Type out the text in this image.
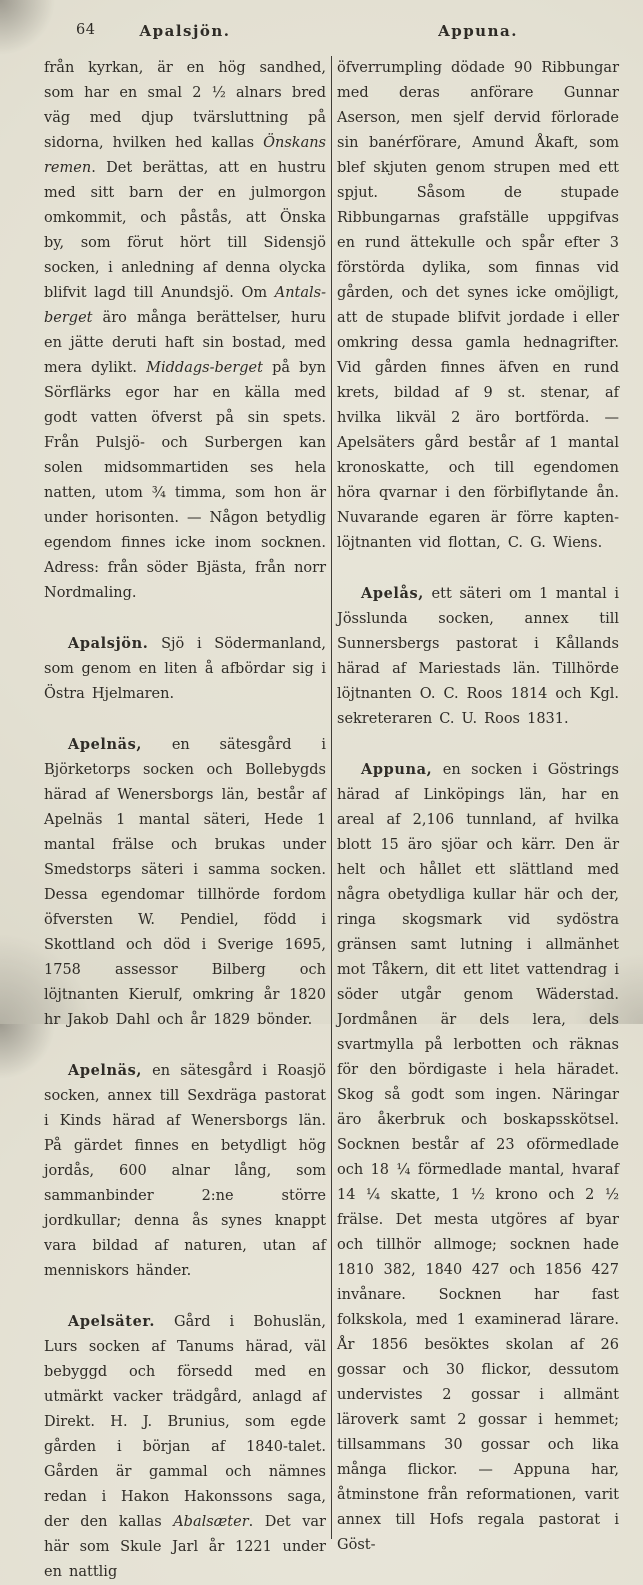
64	Apalsjön.	Appuna.

från kyrkan, är en hög sandhed, som har en smal 2 ½ alnars bred väg med djup tvärsluttning på sidorna, hvilken hed kallas Önskans remen. Det berättas, att en hustru med sitt barn der en julmorgon omkommit, och påstås, att Önska by, som förut hört till Sidensjö socken, i anledning af denna olycka blifvit lagd till Anundsjö. Om Antals-berget äro många berättelser, huru en jätte deruti haft sin bostad, med mera dylikt. Middags-berget på byn Sörflärks egor har en källa med godt vatten öfverst på sin spets. Från Pulsjö- och Surbergen kan solen midsommartiden ses hela natten, utom ¾ timma, som hon är under horisonten. — Någon betydlig egendom finnes icke inom socknen. Adress: från söder Bjästa, från norr Nordmaling.

Apalsjön. Sjö i Södermanland, som genom en liten å afbördar sig i Östra Hjelmaren.

Apelnäs, en sätesgård i Björketorps socken och Bollebygds härad af Wenersborgs län, består af Apelnäs 1 mantal säteri, Hede 1 mantal frälse och brukas under Smedstorps säteri i samma socken. Dessa egendomar tillhörde fordom öfversten W. Pendiel, född i Skottland och död i Sverige 1695, 1758 assessor Bilberg och löjtnanten Kierulf, omkring år 1820 hr Jakob Dahl och år 1829 bönder.

Apelnäs, en sätesgård i Roasjö socken, annex till Sexdräga pastorat i Kinds härad af Wenersborgs län. På gärdet finnes en betydligt hög jordås, 600 alnar lång, som sammanbinder 2:ne större jordkullar; denna ås synes knappt vara bildad af naturen, utan af menniskors händer.

Apelsäter. Gård i Bohuslän, Lurs socken af Tanums härad, väl bebyggd och försedd med en utmärkt vacker trädgård, anlagd af Direkt. H. J. Brunius, som egde gården i början af 1840-talet. Gården är gammal och nämnes redan i Hakon Hakonssons saga, der den kallas Abalsæter. Det var här som Skule Jarl år 1221 under en nattlig

öfverrumpling dödade 90 Ribbungar med deras anförare Gunnar Aserson, men sjelf dervid förlorade sin banérförare, Amund Åkaft, som blef skjuten genom strupen med ett spjut. Såsom de stupade Ribbungarnas grafställe uppgifvas en rund ättekulle och spår efter 3 förstörda dylika, som finnas vid gården, och det synes icke omöjligt, att de stupade blifvit jordade i eller omkring dessa gamla hednagrifter. Vid gården finnes äfven en rund krets, bildad af 9 st. stenar, af hvilka likväl 2 äro bortförda. — Apelsäters gård består af 1 mantal kronoskatte, och till egendomen höra qvarnar i den förbiflytande ån. Nuvarande egaren är förre kapten-löjtnanten vid flottan, C. G. Wiens.

Apelås, ett säteri om 1 mantal i Jösslunda socken, annex till Sunnersbergs pastorat i Kållands härad af Mariestads län. Tillhörde löjtnanten O. C. Roos 1814 och Kgl. sekreteraren C. U. Roos 1831.

Appuna, en socken i Göstrings härad af Linköpings län, har en areal af 2,106 tunnland, af hvilka blott 15 äro sjöar och kärr. Den är helt och hållet ett slättland med några obetydliga kullar här och der, ringa skogsmark vid sydöstra gränsen samt lutning i allmänhet mot Tåkern, dit ett litet vattendrag i söder utgår genom Wäderstad. Jordmånen är dels lera, dels svartmylla på lerbotten och räknas för den bördigaste i hela häradet. Skog så godt som ingen. Näringar äro åkerbruk och boskapsskötsel. Socknen består af 23 oförmedlade och 18 ¼ förmedlade mantal, hvaraf 14 ¼ skatte, 1 ½ krono och 2 ½ frälse. Det mesta utgöres af byar och tillhör allmoge; socknen hade 1810 382, 1840 427 och 1856 427 invånare. Socknen har fast folkskola, med 1 examinerad lärare. År 1856 besöktes skolan af 26 gossar och 30 flickor, dessutom undervistes 2 gossar i allmänt läroverk samt 2 gossar i hemmet; tillsammans 30 gossar och lika många flickor. — Appuna har, åtminstone från reformationen, varit annex till Hofs regala pastorat i Göst-
